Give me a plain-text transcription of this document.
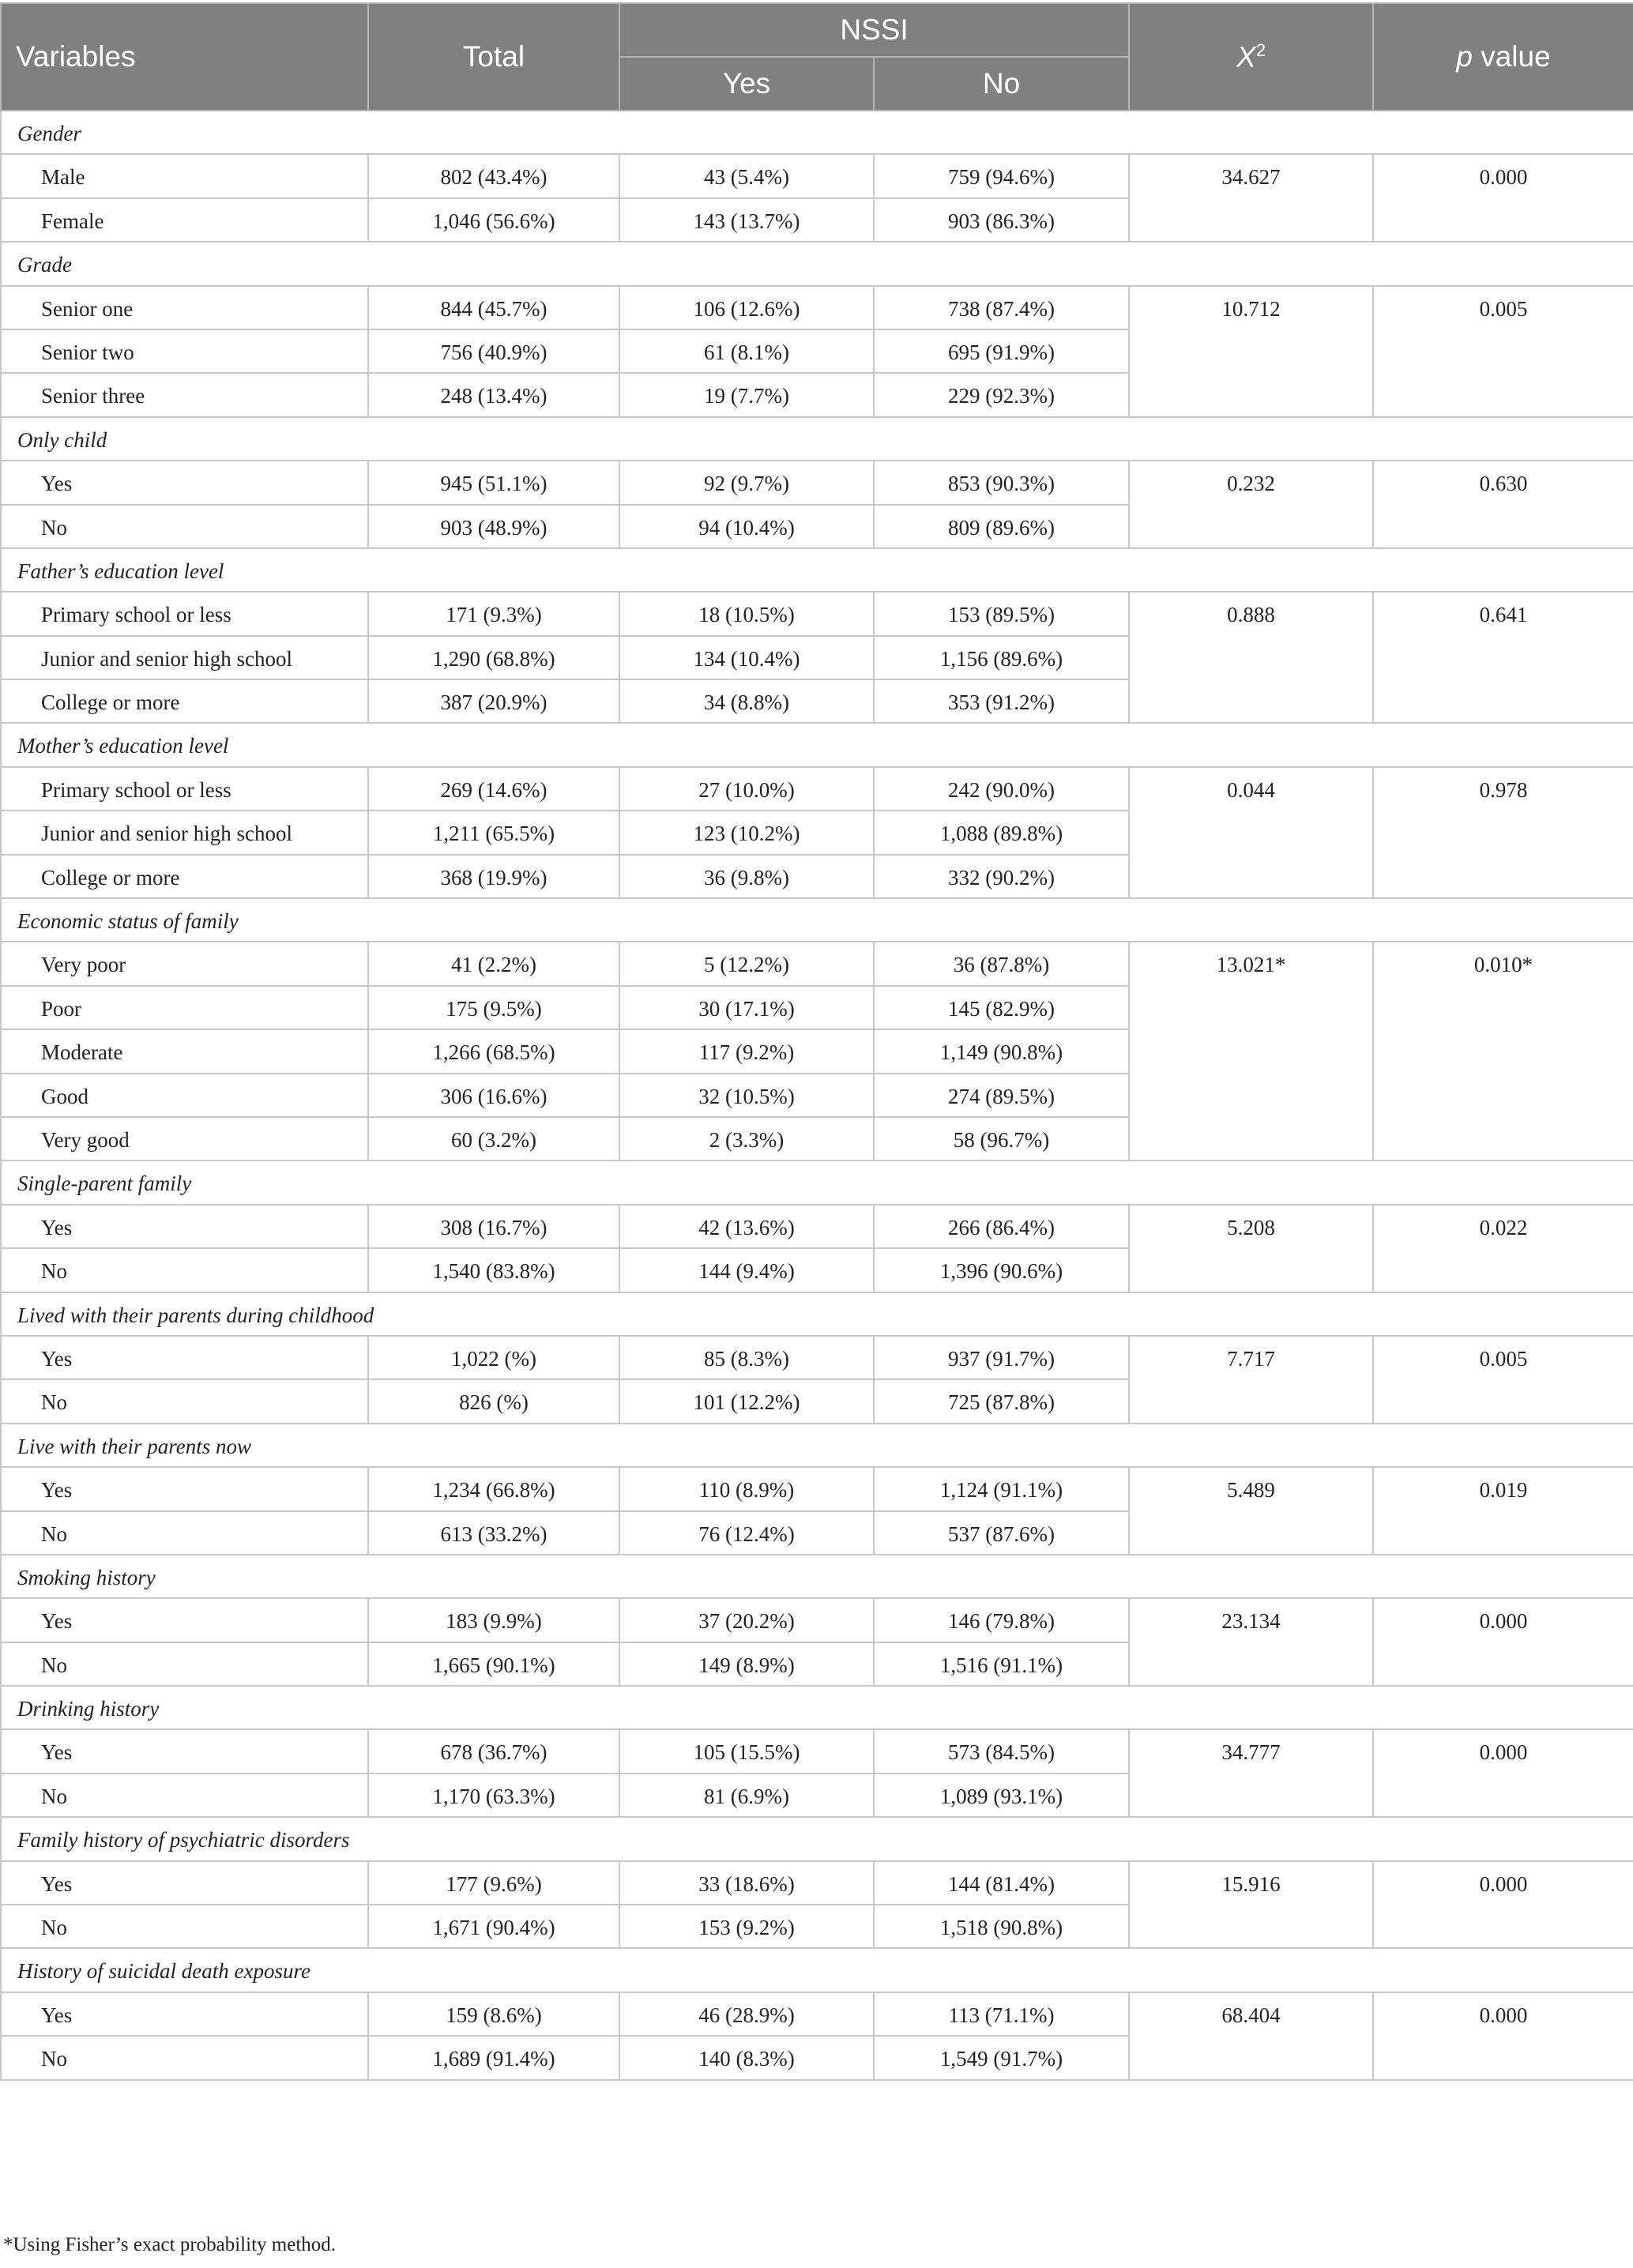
Variables	Total	NSSI		$X^2$	p value
		Yes	No		
Gender					
Male	802 (43.4%)	43 (5.4%)	759 (94.6%)	34.627	0.000
Female	1,046 (56.6%)	143 (13.7%)	903 (86.3%)		
Grade					
Senior one	844 (45.7%)	106 (12.6%)	738 (87.4%)	10.712	0.005
Senior two	756 (40.9%)	61 (8.1%)	695 (91.9%)		
Senior three	248 (13.4%)	19 (7.7%)	229 (92.3%)		
Only child					
Yes	945 (51.1%)	92 (9.7%)	853 (90.3%)	0.232	0.630
No	903 (48.9%)	94 (10.4%)	809 (89.6%)		
Father’s education level					
Primary school or less	171 (9.3%)	18 (10.5%)	153 (89.5%)	0.888	0.641
Junior and senior high school	1,290 (68.8%)	134 (10.4%)	1,156 (89.6%)		
College or more	387 (20.9%)	34 (8.8%)	353 (91.2%)		
Mother’s education level					
Primary school or less	269 (14.6%)	27 (10.0%)	242 (90.0%)	0.044	0.978
Junior and senior high school	1,211 (65.5%)	123 (10.2%)	1,088 (89.8%)		
College or more	368 (19.9%)	36 (9.8%)	332 (90.2%)		
Economic status of family					
Very poor	41 (2.2%)	5 (12.2%)	36 (87.8%)	13.021*	0.010*
Poor	175 (9.5%)	30 (17.1%)	145 (82.9%)		
Moderate	1,266 (68.5%)	117 (9.2%)	1,149 (90.8%)		
Good	306 (16.6%)	32 (10.5%)	274 (89.5%)		
Very good	60 (3.2%)	2 (3.3%)	58 (96.7%)		
Single-parent family					
Yes	308 (16.7%)	42 (13.6%)	266 (86.4%)	5.208	0.022
No	1,540 (83.8%)	144 (9.4%)	1,396 (90.6%)		
Lived with their parents during childhood					
Yes	1,022 (%)	85 (8.3%)	937 (91.7%)	7.717	0.005
No	826 (%)	101 (12.2%)	725 (87.8%)		
Live with their parents now					
Yes	1,234 (66.8%)	110 (8.9%)	1,124 (91.1%)	5.489	0.019
No	613 (33.2%)	76 (12.4%)	537 (87.6%)		
Smoking history					
Yes	183 (9.9%)	37 (20.2%)	146 (79.8%)	23.134	0.000
No	1,665 (90.1%)	149 (8.9%)	1,516 (91.1%)		
Drinking history					
Yes	678 (36.7%)	105 (15.5%)	573 (84.5%)	34.777	0.000
No	1,170 (63.3%)	81 (6.9%)	1,089 (93.1%)		
Family history of psychiatric disorders					
Yes	177 (9.6%)	33 (18.6%)	144 (81.4%)	15.916	0.000
No	1,671 (90.4%)	153 (9.2%)	1,518 (90.8%)		
History of suicidal death exposure					
Yes	159 (8.6%)	46 (28.9%)	113 (71.1%)	68.404	0.000
No	1,689 (91.4%)	140 (8.3%)	1,549 (91.7%)		
*Using Fisher’s exact probability method.
